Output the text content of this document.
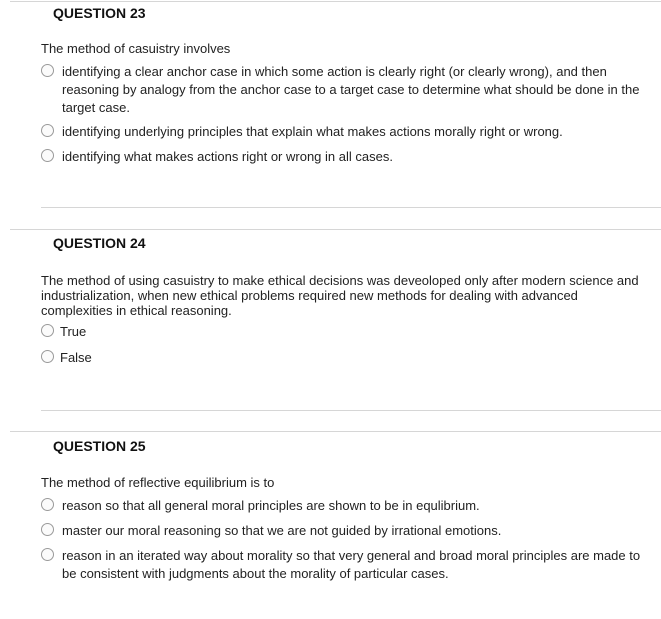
QUESTION 23
The method of casuistry involves
identifying a clear anchor case in which some action is clearly right (or clearly wrong), and then reasoning by analogy from the anchor case to a target case to determine what should be done in the target case.
identifying underlying principles that explain what makes actions morally right or wrong.
identifying what makes actions right or wrong in all cases.
QUESTION 24
The method of using casuistry to make ethical decisions was deveoloped only after modern science and industrialization, when new ethical problems required new methods for dealing with advanced complexities in ethical reasoning.
True
False
QUESTION 25
The method of reflective equilibrium is to
reason so that all general moral principles are shown to be in equlibrium.
master our moral reasoning so that we are not guided by irrational emotions.
reason in an iterated way about morality so that very general and broad moral principles are made to be consistent with judgments about the morality of particular cases.
